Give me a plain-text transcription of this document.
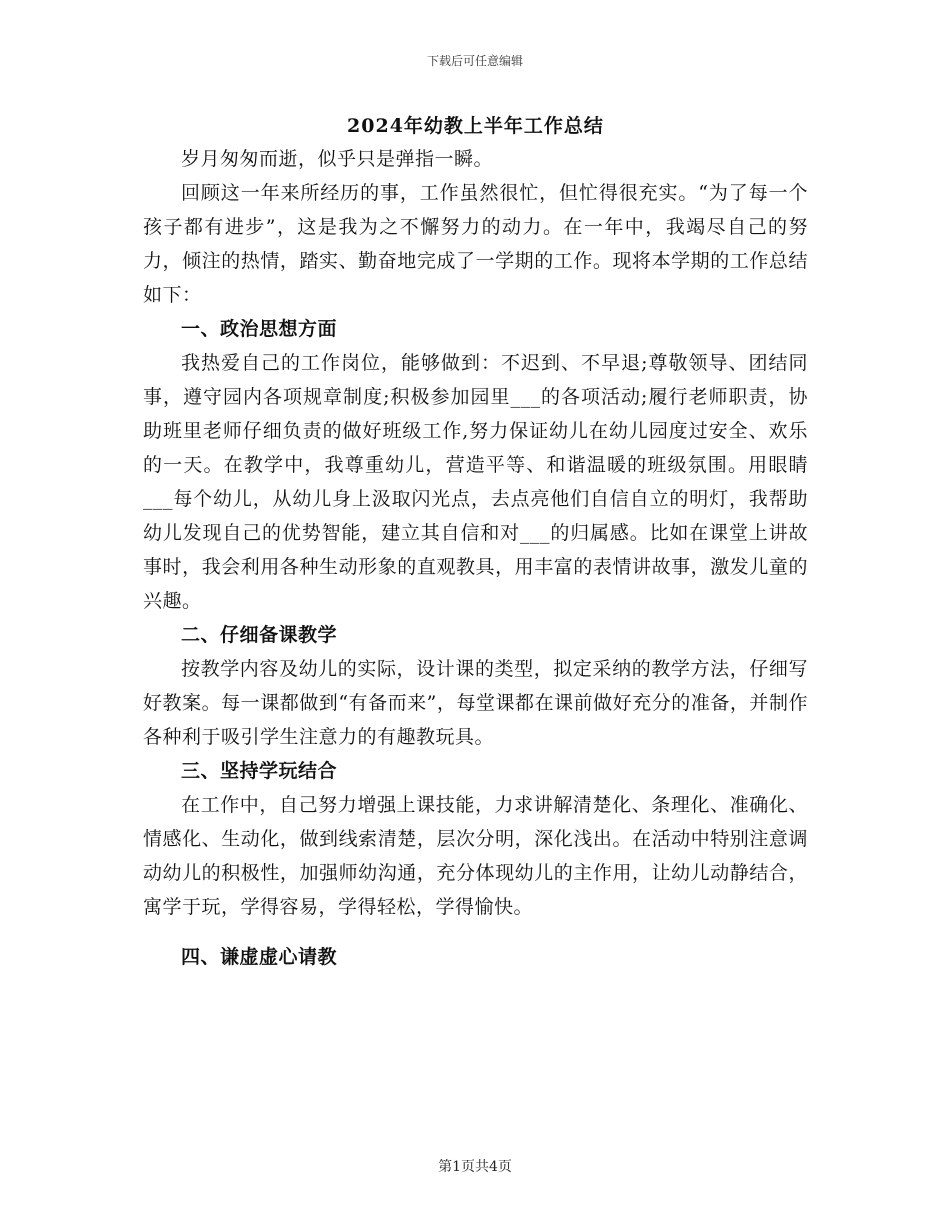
下载后可任意编辑
2024年幼教上半年工作总结

岁月匆匆而逝，似乎只是弹指一瞬。

回顾这一年来所经历的事，工作虽然很忙，但忙得很充实。“为了每一个孩子都有进步”，这是我为之不懈努力的动力。在一年中，我竭尽自己的努力，倾注的热情，踏实、勤奋地完成了一学期的工作。现将本学期的工作总结如下：

一、政治思想方面

我热爱自己的工作岗位，能够做到：不迟到、不早退;尊敬领导、团结同事，遵守园内各项规章制度;积极参加园里___的各项活动;履行老师职责，协助班里老师仔细负责的做好班级工作,努力保证幼儿在幼儿园度过安全、欢乐的一天。在教学中，我尊重幼儿，营造平等、和谐温暖的班级氛围。用眼睛___每个幼儿，从幼儿身上汲取闪光点，去点亮他们自信自立的明灯，我帮助幼儿发现自己的优势智能，建立其自信和对___的归属感。比如在课堂上讲故事时，我会利用各种生动形象的直观教具，用丰富的表情讲故事，激发儿童的兴趣。

二、仔细备课教学

按教学内容及幼儿的实际，设计课的类型，拟定采纳的教学方法，仔细写好教案。每一课都做到“有备而来”，每堂课都在课前做好充分的准备，并制作各种利于吸引学生注意力的有趣教玩具。

三、坚持学玩结合

在工作中，自己努力增强上课技能，力求讲解清楚化、条理化、准确化、情感化、生动化，做到线索清楚，层次分明，深化浅出。在活动中特别注意调动幼儿的积极性，加强师幼沟通，充分体现幼儿的主作用，让幼儿动静结合，寓学于玩，学得容易，学得轻松，学得愉快。

四、谦虚虚心请教

第1页共4页
